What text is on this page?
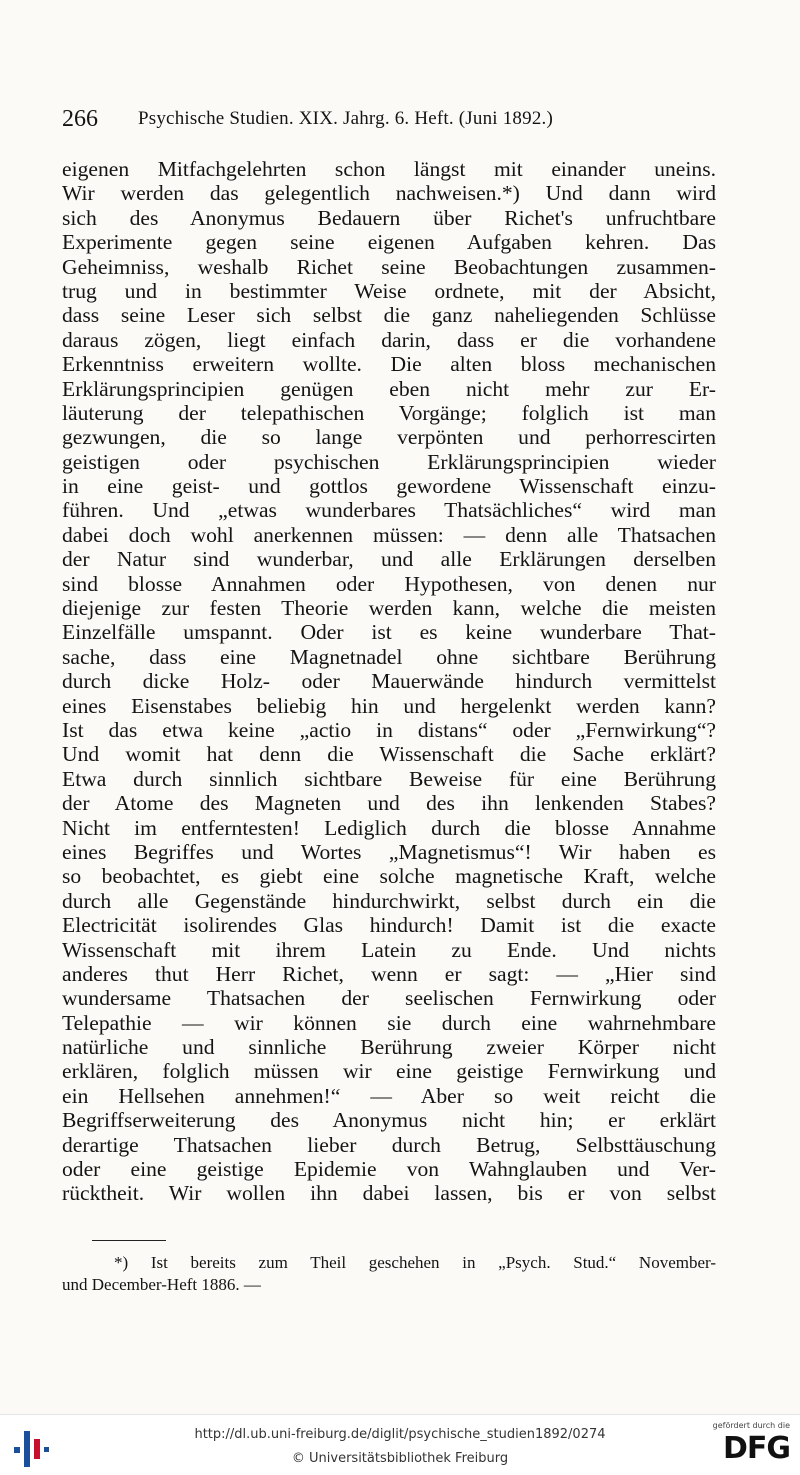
266 Psychische Studien. XIX. Jahrg. 6. Heft. (Juni 1892.)
eigenen Mitfachgelehrten schon längst mit einander uneins.
Wir werden das gelegentlich nachweisen.*) Und dann wird
sich des Anonymus Bedauern über Richet's unfruchtbare
Experimente gegen seine eigenen Aufgaben kehren. Das
Geheimniss, weshalb Richet seine Beobachtungen zusammen-
trug und in bestimmter Weise ordnete, mit der Absicht,
dass seine Leser sich selbst die ganz naheliegenden Schlüsse
daraus zögen, liegt einfach darin, dass er die vorhandene
Erkenntniss erweitern wollte. Die alten bloss mechanischen
Erklärungsprincipien genügen eben nicht mehr zur Er-
läuterung der telepathischen Vorgänge; folglich ist man
gezwungen, die so lange verpönten und perhorrescirten
geistigen oder psychischen Erklärungsprincipien wieder
in eine geist- und gottlos gewordene Wissenschaft einzu-
führen. Und „etwas wunderbares Thatsächliches“ wird man
dabei doch wohl anerkennen müssen: — denn alle Thatsachen
der Natur sind wunderbar, und alle Erklärungen derselben
sind blosse Annahmen oder Hypothesen, von denen nur
diejenige zur festen Theorie werden kann, welche die meisten
Einzelfälle umspannt. Oder ist es keine wunderbare That-
sache, dass eine Magnetnadel ohne sichtbare Berührung
durch dicke Holz- oder Mauerwände hindurch vermittelst
eines Eisenstabes beliebig hin und hergelenkt werden kann?
Ist das etwa keine „actio in distans“ oder „Fernwirkung“?
Und womit hat denn die Wissenschaft die Sache erklärt?
Etwa durch sinnlich sichtbare Beweise für eine Berührung
der Atome des Magneten und des ihn lenkenden Stabes?
Nicht im entferntesten! Lediglich durch die blosse Annahme
eines Begriffes und Wortes „Magnetismus“! Wir haben es
so beobachtet, es giebt eine solche magnetische Kraft, welche
durch alle Gegenstände hindurchwirkt, selbst durch ein die
Electricität isolirendes Glas hindurch! Damit ist die exacte
Wissenschaft mit ihrem Latein zu Ende. Und nichts
anderes thut Herr Richet, wenn er sagt: — „Hier sind
wundersame Thatsachen der seelischen Fernwirkung oder
Telepathie — wir können sie durch eine wahrnehmbare
natürliche und sinnliche Berührung zweier Körper nicht
erklären, folglich müssen wir eine geistige Fernwirkung und
ein Hellsehen annehmen!“ — Aber so weit reicht die
Begriffserweiterung des Anonymus nicht hin; er erklärt
derartige Thatsachen lieber durch Betrug, Selbsttäuschung
oder eine geistige Epidemie von Wahnglauben und Ver-
rücktheit. Wir wollen ihn dabei lassen, bis er von selbst
*) Ist bereits zum Theil geschehen in „Psych. Stud.“ November-
und December-Heft 1886. —
http://dl.ub.uni-freiburg.de/diglit/psychische_studien1892/0274
© Universitätsbibliothek Freiburg
gefördert durch die
DFG
